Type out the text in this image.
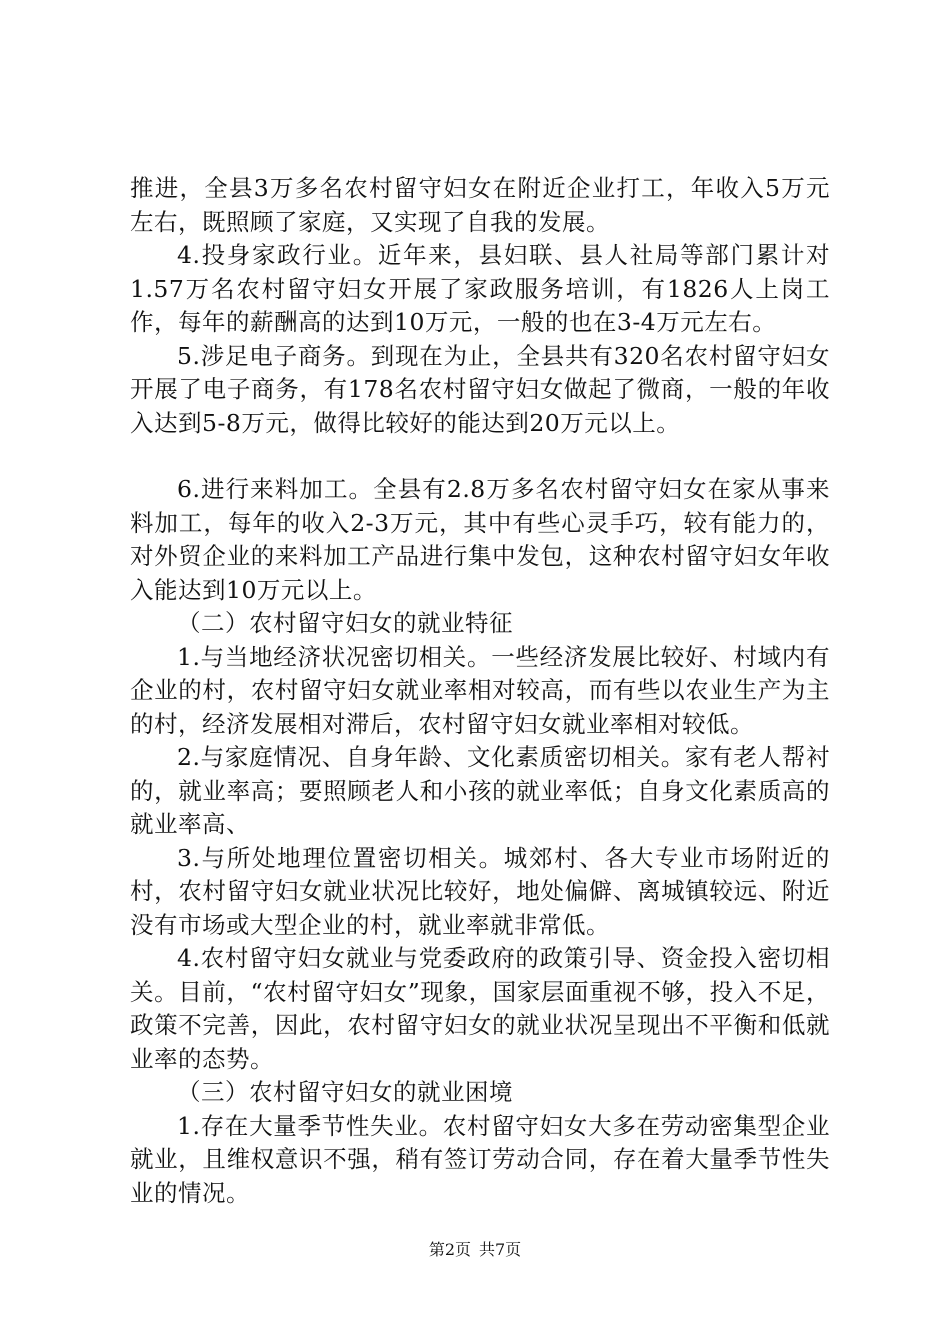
推进，全县3万多名农村留守妇女在附近企业打工，年收入5万元左右，既照顾了家庭，又实现了自我的发展。

4.投身家政行业。近年来，县妇联、县人社局等部门累计对1.57万名农村留守妇女开展了家政服务培训，有1826人上岗工作，每年的薪酬高的达到10万元，一般的也在3-4万元左右。

5.涉足电子商务。到现在为止，全县共有320名农村留守妇女开展了电子商务，有178名农村留守妇女做起了微商，一般的年收入达到5-8万元，做得比较好的能达到20万元以上。

6.进行来料加工。全县有2.8万多名农村留守妇女在家从事来料加工，每年的收入2-3万元，其中有些心灵手巧，较有能力的，对外贸企业的来料加工产品进行集中发包，这种农村留守妇女年收入能达到10万元以上。

（二）农村留守妇女的就业特征

1.与当地经济状况密切相关。一些经济发展比较好、村域内有企业的村，农村留守妇女就业率相对较高，而有些以农业生产为主的村，经济发展相对滞后，农村留守妇女就业率相对较低。

2.与家庭情况、自身年龄、文化素质密切相关。家有老人帮衬的，就业率高；要照顾老人和小孩的就业率低；自身文化素质高的就业率高、

3.与所处地理位置密切相关。城郊村、各大专业市场附近的村，农村留守妇女就业状况比较好，地处偏僻、离城镇较远、附近没有市场或大型企业的村，就业率就非常低。

4.农村留守妇女就业与党委政府的政策引导、资金投入密切相关。目前，“农村留守妇女”现象，国家层面重视不够，投入不足，政策不完善，因此，农村留守妇女的就业状况呈现出不平衡和低就业率的态势。

（三）农村留守妇女的就业困境

1.存在大量季节性失业。农村留守妇女大多在劳动密集型企业就业，且维权意识不强，稍有签订劳动合同，存在着大量季节性失业的情况。

第2页 共7页
